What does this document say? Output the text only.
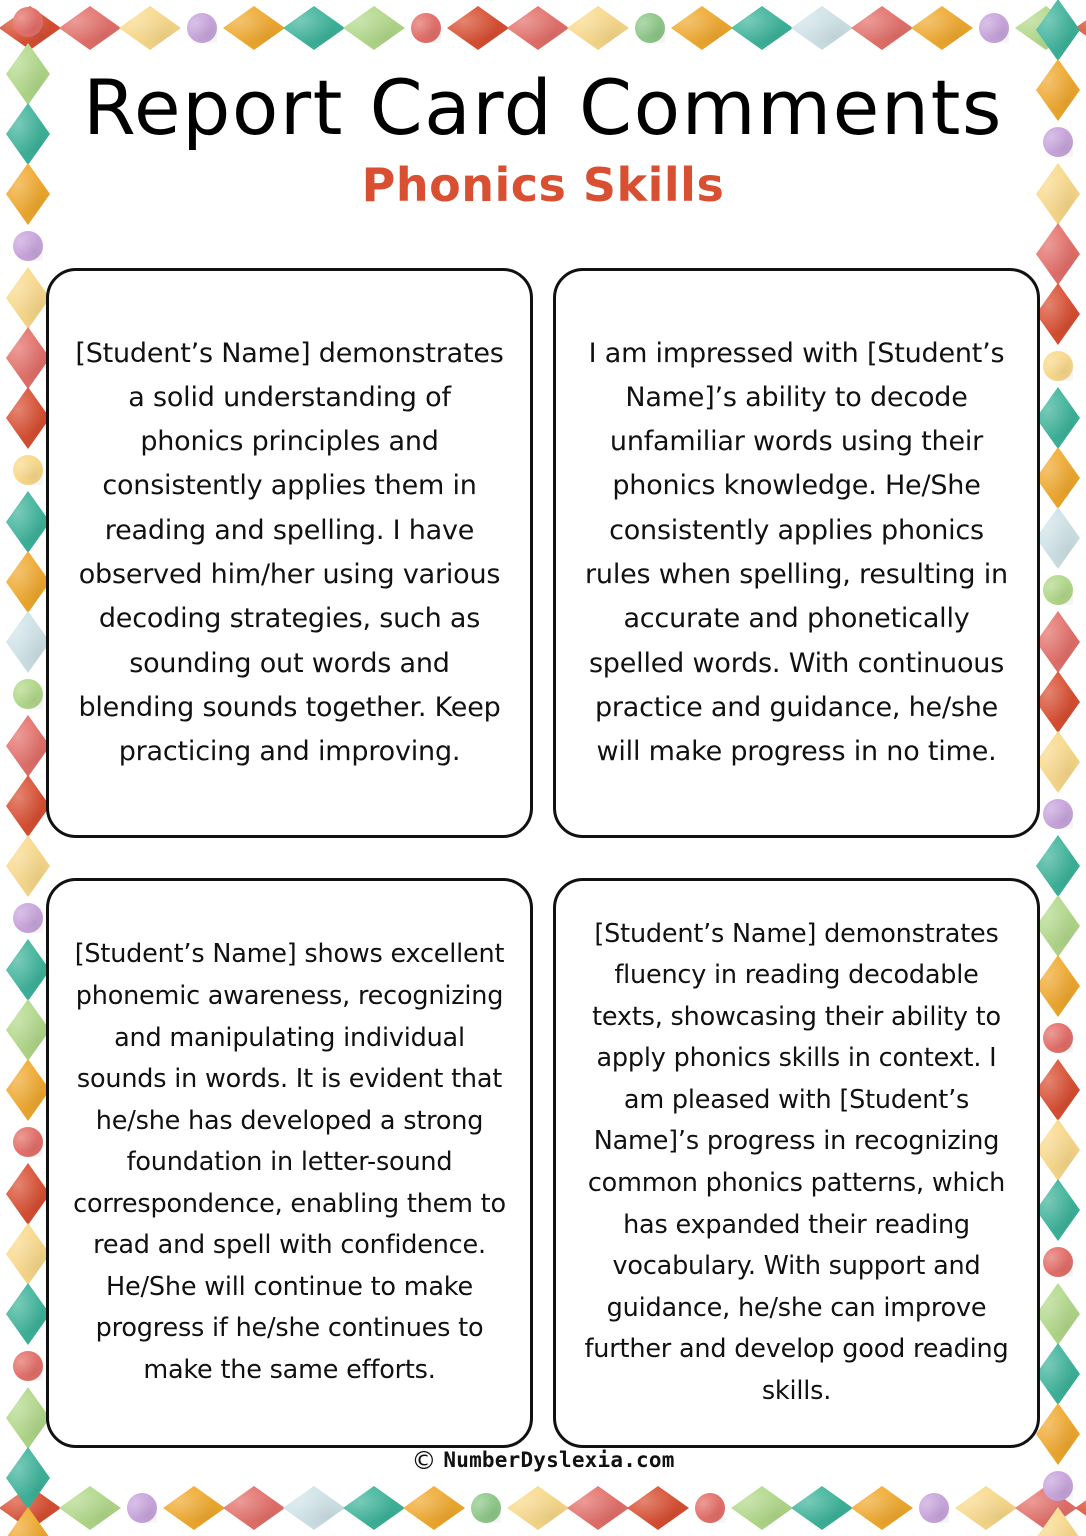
Report Card Comments
Phonics Skills

[Student’s Name] demonstrates a solid understanding of phonics principles and consistently applies them in reading and spelling. I have observed him/her using various decoding strategies, such as sounding out words and blending sounds together. Keep practicing and improving.

I am impressed with [Student’s Name]’s ability to decode unfamiliar words using their phonics knowledge. He/She consistently applies phonics rules when spelling, resulting in accurate and phonetically spelled words. With continuous practice and guidance, he/she will make progress in no time.

[Student’s Name] shows excellent phonemic awareness, recognizing and manipulating individual sounds in words. It is evident that he/she has developed a strong foundation in letter-sound correspondence, enabling them to read and spell with confidence. He/She will continue to make progress if he/she continues to make the same efforts.

[Student’s Name] demonstrates fluency in reading decodable texts, showcasing their ability to apply phonics skills in context. I am pleased with [Student’s Name]’s progress in recognizing common phonics patterns, which has expanded their reading vocabulary. With support and guidance, he/she can improve further and develop good reading skills.

© NumberDyslexia.com
